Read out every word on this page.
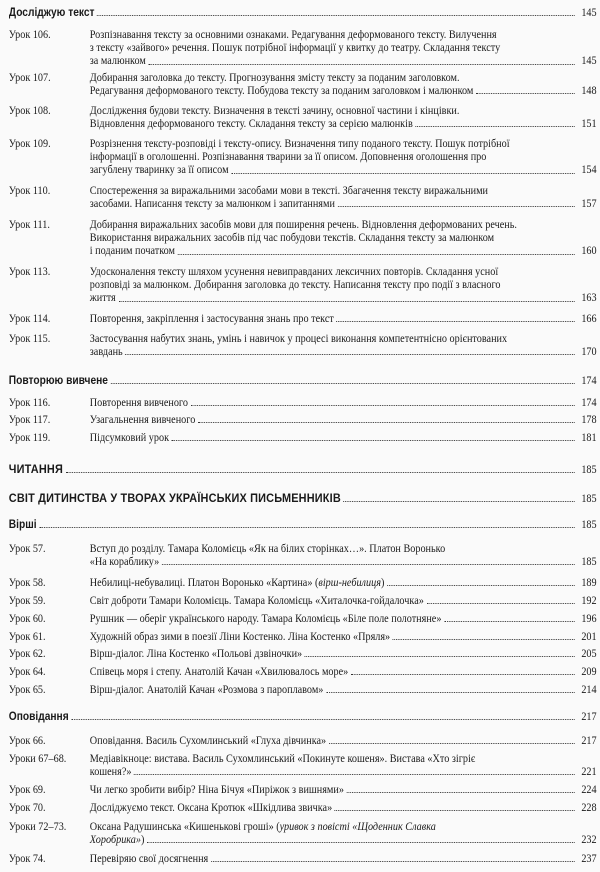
Досліджую текст	145
Урок 106.	Розпізнавання тексту за основними ознаками. Редагування деформованого тексту. Вилучення
з тексту «зайвого» речення. Пошук потрібної інформації у квитку до театру. Складання тексту
за малюнком	145
Урок 107.	Добирання заголовка до тексту. Прогнозування змісту тексту за поданим заголовком.
Редагування деформованого тексту. Побудова тексту за поданим заголовком і малюнком	148
Урок 108.	Дослідження будови тексту. Визначення в тексті зачину, основної частини і кінцівки.
Відновлення деформованого тексту. Складання тексту за серією малюнків	151
Урок 109.	Розрізнення тексту-розповіді і тексту-опису. Визначення типу поданого тексту. Пошук потрібної
інформації в оголошенні. Розпізнавання тварини за її описом. Доповнення оголошення про
загублену тваринку за її описом	154
Урок 110.	Спостереження за виражальними засобами мови в тексті. Збагачення тексту виражальними
засобами. Написання тексту за малюнком і запитаннями	157
Урок 111.	Добирання виражальних засобів мови для поширення речень. Відновлення деформованих речень.
Використання виражальних засобів під час побудови текстів. Складання тексту за малюнком
і поданим початком	160
Урок 113.	Удосконалення тексту шляхом усунення невиправданих лексичних повторів. Складання усної
розповіді за малюнком. Добирання заголовка до тексту. Написання тексту про події з власного
життя	163
Урок 114.	Повторення, закріплення і застосування знань про текст	166
Урок 115.	Застосування набутих знань, умінь і навичок у процесі виконання компетентнісно орієнтованих
завдань	170
Повторюю вивчене	174
Урок 116.	Повторення вивченого	174
Урок 117.	Узагальнення вивченого	178
Урок 119.	Підсумковий урок	181
ЧИТАННЯ	185
СВІТ ДИТИНСТВА У ТВОРАХ УКРАЇНСЬКИХ ПИСЬМЕННИКІВ	185
Вірші	185
Урок 57.	Вступ до розділу. Тамара Коломієць «Як на білих сторінках…». Платон Воронько
«На кораблику»	185
Урок 58.	Небилиці-небувалиці. Платон Воронько «Картина» (вірш-небилиця)	189
Урок 59.	Світ доброти Тамари Коломієць. Тамара Коломієць «Хиталочка-гойдалочка»	192
Урок 60.	Рушник — оберіг українського народу. Тамара Коломієць «Біле поле полотняне»	196
Урок 61.	Художній образ зими в поезії Ліни Костенко. Ліна Костенко «Пряля»	201
Урок 62.	Вірш-діалог. Ліна Костенко «Польові дзвіночки»	205
Урок 64.	Співець моря і степу. Анатолій Качан «Хвилювалось море»	209
Урок 65.	Вірш-діалог. Анатолій Качан «Розмова з пароплавом»	214
Оповідання	217
Урок 66.	Оповідання. Василь Сухомлинський «Глуха дівчинка»	217
Уроки 67–68.	Медіавікноце: вистава. Василь Сухомлинський «Покинуте кошеня». Вистава «Хто зігріє
кошеня?»	221
Урок 69.	Чи легко зробити вибір? Ніна Бічуя «Пиріжок з вишнями»	224
Урок 70.	Досліджуємо текст. Оксана Кротюк «Шкідлива звичка»	228
Уроки 72–73.	Оксана Радушинська «Кишенькові гроші» (уривок з повісті «Щоденник Славка
Хоробрика»)	232
Урок 74.	Перевіряю свої досягнення	237
